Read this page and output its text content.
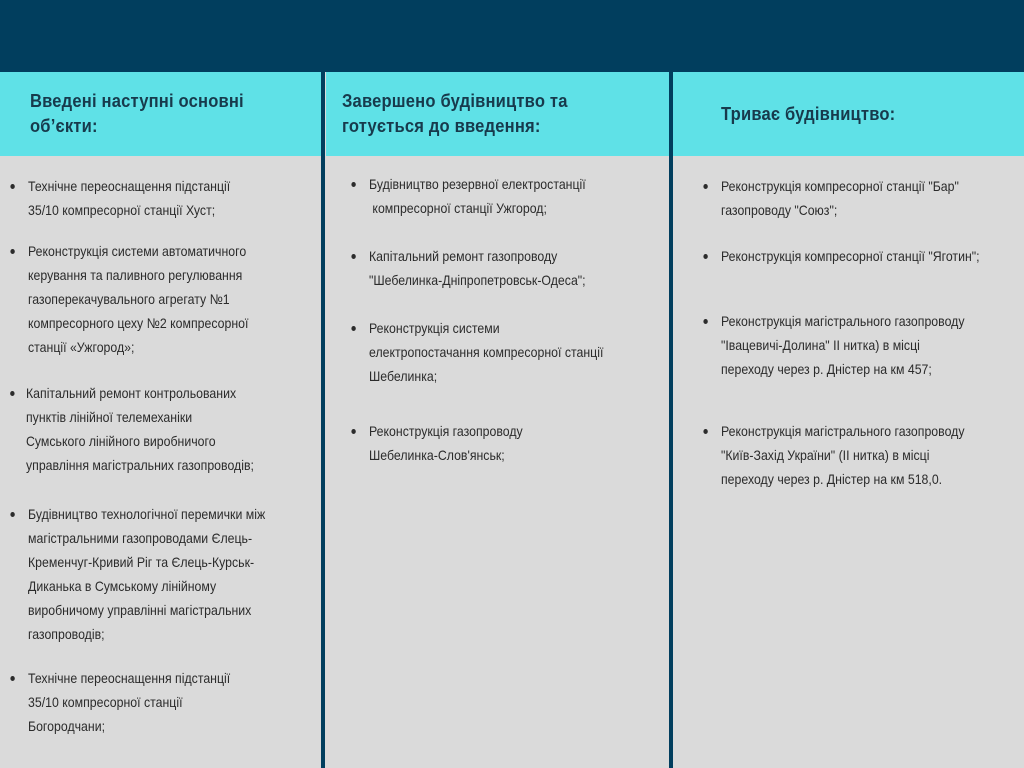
Введені наступні основні об’єкти:
Завершено будівництво та готується до введення:
Триває будівництво:
Технічне переоснащення підстанції
35/10 компресорної станції Хуст;
Реконструкція системи автоматичного
керування та паливного регулювання
газоперекачувального агрегату №1
компресорного цеху №2 компресорної
станції «Ужгород»;
Капітальний ремонт контрольованих
пунктів лінійної телемеханіки
Сумського лінійного виробничого
управління магістральних газопроводів;
Будівництво технологічної перемички між
магістральними газопроводами Єлець-
Кременчуг-Кривий Ріг та Єлець-Курськ-
Диканька в Сумському лінійному
виробничому управлінні магістральних
газопроводів;
Технічне переоснащення підстанції
35/10 компресорної станції
Богородчани;
Будівництво резервної електростанції
компресорної станції Ужгород;
Капітальний ремонт газопроводу
"Шебелинка-Дніпропетровськ-Одеса";
Реконструкція системи
електропостачання компресорної станції
Шебелинка;
Реконструкція газопроводу
Шебелинка-Слов'янськ;
Реконструкція компресорної станції "Бар"
газопроводу "Союз";
Реконструкція компресорної станції "Яготин";
Реконструкція магістрального газопроводу
"Івацевичі-Долина" ІІ нитка) в місці
переходу через р. Дністер на км 457;
Реконструкція магістрального газопроводу
"Київ-Захід України" (ІІ нитка) в місці
переходу через р. Дністер на км 518,0.
